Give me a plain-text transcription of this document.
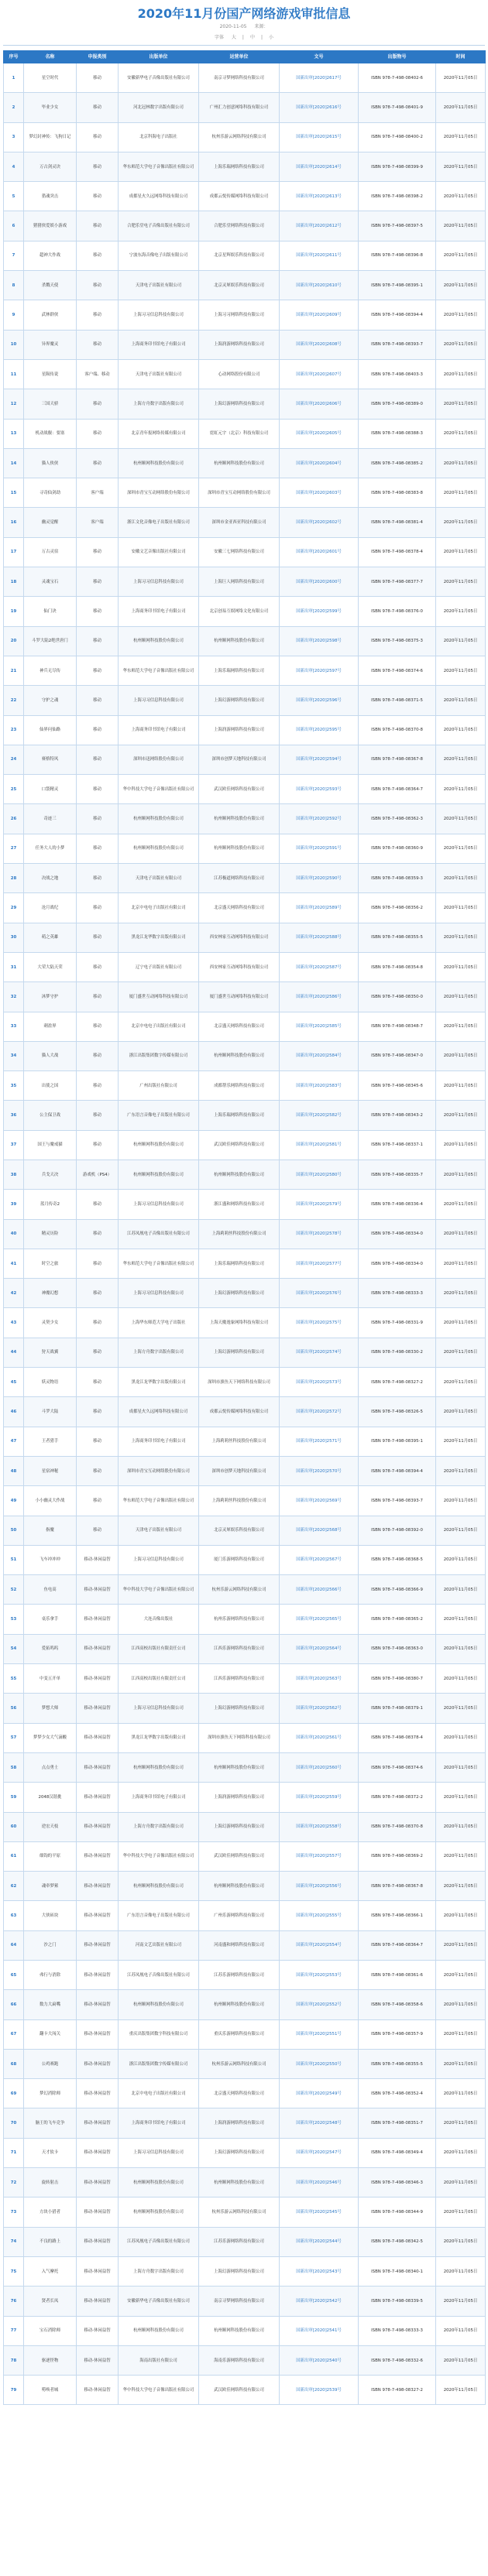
2020年11月份国产网络游戏审批信息
2020-11-05 来源：
字体 大 | 中 | 小
序号	名称	申报类别	出版单位	运营单位	文号	出版物号	时间
1	星空时代	移动	安徽新华电子音像出版社有限公司	南京寻梦网络科技有限公司	国新出审[2020]2617号	ISBN 978-7-498-08402-6	2020年11月05日
2	毕业少女	移动	河北冠林数字出版有限公司	广州汇力创意网络科技有限公司	国新出审[2020]2616号	ISBN 978-7-498-08401-9	2020年11月05日
3	梦幻封神传：飞狗日记	移动	北京科海电子出版社	杭州乐游云网络科技有限公司	国新出审[2020]2615号	ISBN 978-7-498-08400-2	2020年11月05日
4	万古剑灵诀	移动	华东师范大学电子音像出版社有限公司	上海乐瑞网络科技有限公司	国新出审[2020]2614号	ISBN 978-7-498-08399-9	2020年11月05日
5	猎魂突击	移动	成都星火久远网络科技有限公司	成都云悦传媒网络科技有限公司	国新出审[2020]2613号	ISBN 978-7-498-08398-2	2020年11月05日
6	猪猪侠爱娱小游戏	移动	合肥乐堂电子音像出版社有限公司	合肥乐堂网络科技有限公司	国新出审[2020]2612号	ISBN 978-7-498-08397-5	2020年11月05日
7	超神大作战	移动	宁波东海音像电子出版有限公司	北京星辉娱乐科技有限公司	国新出审[2020]2611号	ISBN 978-7-498-08396-8	2020年11月05日
8	杀戮天使	移动	天津电子出版社有限公司	北京灵犀娱乐科技有限公司	国新出审[2020]2610号	ISBN 978-7-498-08395-1	2020年11月05日
9	武林群侠	移动	上海习习信息科技有限公司	上海习习网络科技有限公司	国新出审[2020]2609号	ISBN 978-7-498-08394-4	2020年11月05日
10	异界魔灵	移动	上海商务印书馆电子有限公司	上海润游网络科技有限公司	国新出审[2020]2608号	ISBN 978-7-498-08393-7	2020年11月05日
11	星陨传说	客户端、移动	天津电子出版社有限公司	心动网络股份有限公司	国新出审[2020]2607号	ISBN 978-7-498-08403-3	2020年11月05日
12	三国天骄	移动	上海方舟数字出版有限公司	上海幻游网络科技有限公司	国新出审[2020]2606号	ISBN 978-7-498-08389-0	2020年11月05日
13	机动战舰：要塞	移动	北京青年报网络传媒有限公司	霓虹元宇（北京）科技有限公司	国新出审[2020]2605号	ISBN 978-7-498-08388-3	2020年11月05日
14	猫人侠侠	移动	杭州顺网科技股份有限公司	杭州顺网科技股份有限公司	国新出审[2020]2604号	ISBN 978-7-498-08385-2	2020年11月05日
15	寻奇仙剑劫	客户端	深圳市青宝互动网络股份有限公司	深圳市青宝互动网络股份有限公司	国新出审[2020]2603号	ISBN 978-7-498-08383-8	2020年11月05日
16	幽灵觉醒	客户端	浙江文化音像电子出版社有限公司	深圳市金亚西亚科技有限公司	国新出审[2020]2602号	ISBN 978-7-498-08381-4	2020年11月05日
17	万古灵宿	移动	安徽文艺音像出版社有限公司	安徽三七网络科技有限公司	国新出审[2020]2601号	ISBN 978-7-498-08378-4	2020年11月05日
18	灵魂宝石	移动	上海习习信息科技有限公司	上海巨人网络科技有限公司	国新出审[2020]2600号	ISBN 978-7-498-08377-7	2020年11月05日
19	仙门诀	移动	上海商务印书馆电子有限公司	北京创易互娱网络文化有限公司	国新出审[2020]2599号	ISBN 978-7-498-08376-0	2020年11月05日
20	斗罗大陆2绝世唐门	移动	杭州顺网科技股份有限公司	杭州顺网科技股份有限公司	国新出审[2020]2598号	ISBN 978-7-498-08375-3	2020年11月05日
21	神兵无尽传	移动	华东师范大学电子音像出版社有限公司	上海乐瑞网络科技有限公司	国新出审[2020]2597号	ISBN 978-7-498-08374-6	2020年11月05日
22	守护之魂	移动	上海习习信息科技有限公司	上海幻游网络科技有限公司	国新出审[2020]2596号	ISBN 978-7-498-08371-5	2020年11月05日
23	仙界问仙路	移动	上海商务印书馆电子有限公司	上海润游网络科技有限公司	国新出审[2020]2595号	ISBN 978-7-498-08370-8	2020年11月05日
24	赛格特风	移动	深圳市迅网络股份有限公司	深圳市创梦天地科技有限公司	国新出审[2020]2594号	ISBN 978-7-498-08367-8	2020年11月05日
25	口袋精灵	移动	华中科技大学电子音像出版社有限公司	武汉欧佳网络科技有限公司	国新出审[2020]2593号	ISBN 978-7-498-08364-7	2020年11月05日
26	奇迹三	移动	杭州顺网科技股份有限公司	杭州顺网科技股份有限公司	国新出审[2020]2592号	ISBN 978-7-498-08362-3	2020年11月05日
27	任务大人的小梦	移动	杭州顺网科技股份有限公司	杭州顺网科技股份有限公司	国新出审[2020]2591号	ISBN 978-7-498-08360-9	2020年11月05日
28	决战之地	移动	天津电子出版社有限公司	江苏极道网络科技有限公司	国新出审[2020]2590号	ISBN 978-7-498-08359-3	2020年11月05日
29	沧月战纪	移动	北京中电电子出版社有限公司	北京盛天网络科技有限公司	国新出审[2020]2589号	ISBN 978-7-498-08356-2	2020年11月05日
30	萌之英雄	移动	黑龙江龙华数字出版有限公司	西安林家互动网络科技有限公司	国新出审[2020]2588号	ISBN 978-7-498-08355-5	2020年11月05日
31	大荣大陆天荣	移动	辽宁电子出版社有限公司	西安林家互动网络科技有限公司	国新出审[2020]2587号	ISBN 978-7-498-08354-8	2020年11月05日
32	沐梦守护	移动	厦门盛世互动网络科技有限公司	厦门盛世互动网络科技有限公司	国新出审[2020]2586号	ISBN 978-7-498-08350-0	2020年11月05日
33	刺盈界	移动	北京中电电子出版社有限公司	北京盛天网络科技有限公司	国新出审[2020]2585号	ISBN 978-7-498-08348-7	2020年11月05日
34	猫人大战	移动	浙江出版集团数字传媒有限公司	杭州顺网科技股份有限公司	国新出审[2020]2584号	ISBN 978-7-498-08347-0	2020年11月05日
35	出使之国	移动	广州出版社有限公司	成都帮乐网络科技有限公司	国新出审[2020]2583号	ISBN 978-7-498-08345-6	2020年11月05日
36	公主保卫战	移动	广东语言音像电子出版社有限公司	上海乐瑞网络科技有限公司	国新出审[2020]2582号	ISBN 978-7-498-08343-2	2020年11月05日
37	国王与魔戒猫	移动	杭州顺网科技股份有限公司	武汉欧佳网络科技有限公司	国新出审[2020]2581号	ISBN 978-7-498-08337-1	2020年11月05日
38	兵戈天决	游戏机（PS4）	杭州顺网科技股份有限公司	杭州顺网科技股份有限公司	国新出审[2020]2580号	ISBN 978-7-498-08335-7	2020年11月05日
39	蓝月传奇2	移动	上海习习信息科技有限公司	浙江盛和网络科技有限公司	国新出审[2020]2579号	ISBN 978-7-498-08336-4	2020年11月05日
40	精灵历险	移动	江苏凤凰电子音像出版社有限公司	上海莉莉丝科技股份有限公司	国新出审[2020]2578号	ISBN 978-7-498-08334-0	2020年11月05日
41	时空之旅	移动	华东师范大学电子音像出版社有限公司	上海乐瑞网络科技有限公司	国新出审[2020]2577号	ISBN 978-7-498-08334-0	2020年11月05日
42	神魔幻想	移动	上海习习信息科技有限公司	上海幻游网络科技有限公司	国新出审[2020]2576号	ISBN 978-7-498-08333-3	2020年11月05日
43	灵契少女	移动	上海华东师范大学电子出版社	上海天魔逸象网络科技有限公司	国新出审[2020]2575号	ISBN 978-7-498-08331-9	2020年11月05日
44	狩天战翼	移动	上海方舟数字出版有限公司	上海幻游网络科技有限公司	国新出审[2020]2574号	ISBN 978-7-498-08330-2	2020年11月05日
45	妖灵物语	移动	黑龙江龙华数字出版有限公司	深圳市旗鱼天下网络科技有限公司	国新出审[2020]2573号	ISBN 978-7-498-08327-2	2020年11月05日
46	斗罗大陆	移动	成都星火久远网络科技有限公司	成都云悦传媒网络科技有限公司	国新出审[2020]2572号	ISBN 978-7-498-08326-5	2020年11月05日
47	王者猎手	移动	上海商务印书馆电子有限公司	上海莉莉丝科技股份有限公司	国新出审[2020]2571号	ISBN 978-7-498-08395-1	2020年11月05日
48	星宿神秘	移动	深圳市青宝互动网络股份有限公司	深圳市创梦天地科技有限公司	国新出审[2020]2570号	ISBN 978-7-498-08394-4	2020年11月05日
49	小小幽灵大作战	移动	华东师范大学电子音像出版社有限公司	上海莉莉丝科技股份有限公司	国新出审[2020]2569号	ISBN 978-7-498-08393-7	2020年11月05日
50	指魔	移动	天津电子出版社有限公司	北京灵犀娱乐科技有限公司	国新出审[2020]2568号	ISBN 978-7-498-08392-0	2020年11月05日
51	飞车冲冲冲	移动-休闲益智	上海习习信息科技有限公司	厦门乐游网络科技有限公司	国新出审[2020]2567号	ISBN 978-7-498-08368-5	2020年11月05日
52	鱼电高	移动-休闲益智	华中科技大学电子音像出版社有限公司	杭州乐游云网络科技有限公司	国新出审[2020]2566号	ISBN 978-7-498-08366-9	2020年11月05日
53	桌乐拿手	移动-休闲益智	大连音像出版社	杭州乐游网络科技有限公司	国新出审[2020]2565号	ISBN 978-7-498-08365-2	2020年11月05日
54	爱拓呜呜	移动-休闲益智	江西高校出版社有限责任公司	江西乐游网络科技有限公司	国新出审[2020]2564号	ISBN 978-7-498-08363-0	2020年11月05日
55	中变五开单	移动-休闲益智	江西高校出版社有限责任公司	江西乐游网络科技有限公司	国新出审[2020]2563号	ISBN 978-7-498-08380-7	2020年11月05日
56	梦想大师	移动-休闲益智	上海习习信息科技有限公司	上海幻游网络科技有限公司	国新出审[2020]2562号	ISBN 978-7-498-08379-1	2020年11月05日
57	梦梦少女大气滴酸	移动-休闲益智	黑龙江龙华数字出版有限公司	深圳市旗鱼天下网络科技有限公司	国新出审[2020]2561号	ISBN 978-7-498-08378-4	2020年11月05日
58	点点勇士	移动-休闲益智	杭州顺网科技股份有限公司	杭州顺网科技股份有限公司	国新出审[2020]2560号	ISBN 978-7-498-08374-6	2020年11月05日
59	2048汉谐挑	移动-休闲益智	上海商务印书馆电子有限公司	上海润游网络科技有限公司	国新出审[2020]2559号	ISBN 978-7-498-08372-2	2020年11月05日
60	逆宏天枝	移动-休闲益智	上海方舟数字出版有限公司	上海幻游网络科技有限公司	国新出审[2020]2558号	ISBN 978-7-498-08370-8	2020年11月05日
61	细钩的平原	移动-休闲益智	华中科技大学电子音像出版社有限公司	武汉欧佳网络科技有限公司	国新出审[2020]2557号	ISBN 978-7-498-08369-2	2020年11月05日
62	魂牵梦萦	移动-休闲益智	杭州顺网科技股份有限公司	杭州顺网科技股份有限公司	国新出审[2020]2556号	ISBN 978-7-498-08367-8	2020年11月05日
63	大侠砖块	移动-休闲益智	广东语言音像电子出版社有限公司	广州乐游网络科技有限公司	国新出审[2020]2555号	ISBN 978-7-498-08366-1	2020年11月05日
64	沙之门	移动-休闲益智	河南文艺出版社有限公司	河南盛和网络科技有限公司	国新出审[2020]2554号	ISBN 978-7-498-08364-7	2020年11月05日
65	弗行与消除	移动-休闲益智	江苏凤凰电子音像出版社有限公司	江苏乐游网络科技有限公司	国新出审[2020]2553号	ISBN 978-7-498-08361-6	2020年11月05日
66	数力大扁嘴	移动-休闲益智	杭州顺网科技股份有限公司	杭州顺网科技股份有限公司	国新出审[2020]2552号	ISBN 978-7-498-08358-6	2020年11月05日
67	翻卡大闯关	移动-休闲益智	重庆出版集团数字科技有限公司	重庆乐游网络科技有限公司	国新出审[2020]2551号	ISBN 978-7-498-08357-9	2020年11月05日
68	公鸡赛跑	移动-休闲益智	浙江出版集团数字传媒有限公司	杭州乐游云网络科技有限公司	国新出审[2020]2550号	ISBN 978-7-498-08355-5	2020年11月05日
69	梦幻消除师	移动-休闲益智	北京中电电子出版社有限公司	北京盛天网络科技有限公司	国新出审[2020]2549号	ISBN 978-7-498-08352-4	2020年11月05日
70	脑王的飞车竞争	移动-休闲益智	上海商务印书馆电子有限公司	上海润游网络科技有限公司	国新出审[2020]2548号	ISBN 978-7-498-08351-7	2020年11月05日
71	天才软卡	移动-休闲益智	上海习习信息科技有限公司	上海幻游网络科技有限公司	国新出审[2020]2547号	ISBN 978-7-498-08349-4	2020年11月05日
72	旋转射击	移动-休闲益智	杭州顺网科技股份有限公司	杭州顺网科技股份有限公司	国新出审[2020]2546号	ISBN 978-7-498-08346-3	2020年11月05日
73	方块小猎者	移动-休闲益智	杭州顺网科技股份有限公司	杭州乐游云网络科技有限公司	国新出审[2020]2545号	ISBN 978-7-498-08344-9	2020年11月05日
74	不良的路上	移动-休闲益智	江苏凤凰电子音像出版社有限公司	江苏乐游网络科技有限公司	国新出审[2020]2544号	ISBN 978-7-498-08342-5	2020年11月05日
75	入气摩托	移动-休闲益智	上海方舟数字出版有限公司	上海幻游网络科技有限公司	国新出审[2020]2543号	ISBN 978-7-498-08340-1	2020年11月05日
76	贤者长凤	移动-休闲益智	安徽新华电子音像出版社有限公司	南京寻梦网络科技有限公司	国新出审[2020]2542号	ISBN 978-7-498-08339-5	2020年11月05日
77	宝石消除师	移动-休闲益智	杭州顺网科技股份有限公司	杭州顺网科技股份有限公司	国新出审[2020]2541号	ISBN 978-7-498-08333-3	2020年11月05日
78	驱逐怪物	移动-休闲益智	海南出版社有限公司	海南乐游网络科技有限公司	国新出审[2020]2540号	ISBN 978-7-498-08332-6	2020年11月05日
79	唠唤者城	移动-休闲益智	华中科技大学电子音像出版社有限公司	武汉欧佳网络科技有限公司	国新出审[2020]2539号	ISBN 978-7-498-08327-2	2020年11月05日
